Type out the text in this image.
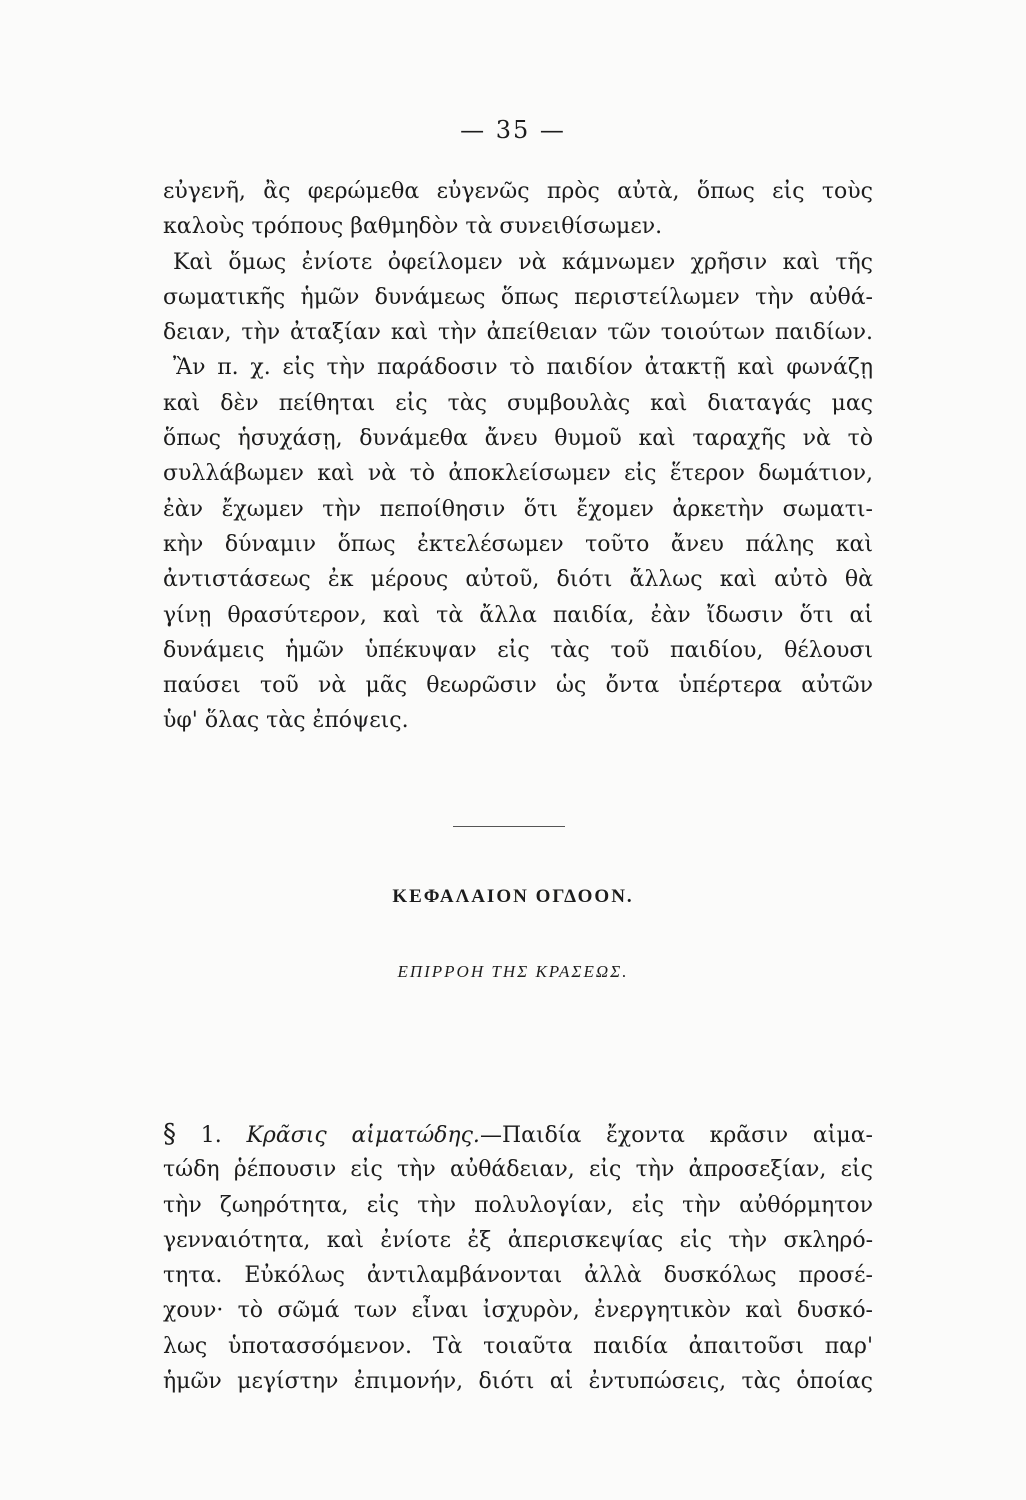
— 35 —
εὐγενῆ, ἂς φερώμεθα εὐγενῶς πρὸς αὐτὰ, ὅπως εἰς τοὺς
καλοὺς τρόπους βαθμηδὸν τὰ συνειθίσωμεν.
Καὶ ὅμως ἐνίοτε ὀφείλομεν νὰ κάμνωμεν χρῆσιν καὶ τῆς
σωματικῆς ἡμῶν δυνάμεως ὅπως περιστείλωμεν τὴν αὐθά-
δειαν, τὴν ἀταξίαν καὶ τὴν ἀπείθειαν τῶν τοιούτων παιδίων.
Ἂν π. χ. εἰς τὴν παράδοσιν τὸ παιδίον ἀτακτῇ καὶ φωνάζῃ
καὶ δὲν πείθηται εἰς τὰς συμβουλὰς καὶ διαταγάς μας
ὅπως ἡσυχάσῃ, δυνάμεθα ἄνευ θυμοῦ καὶ ταραχῆς νὰ τὸ
συλλάβωμεν καὶ νὰ τὸ ἀποκλείσωμεν εἰς ἕτερον δωμάτιον,
ἐὰν ἔχωμεν τὴν πεποίθησιν ὅτι ἔχομεν ἀρκετὴν σωματι-
κὴν δύναμιν ὅπως ἐκτελέσωμεν τοῦτο ἄνευ πάλης καὶ
ἀντιστάσεως ἐκ μέρους αὐτοῦ, διότι ἄλλως καὶ αὐτὸ θὰ
γίνῃ θρασύτερον, καὶ τὰ ἄλλα παιδία, ἐὰν ἴδωσιν ὅτι αἱ
δυνάμεις ἡμῶν ὑπέκυψαν εἰς τὰς τοῦ παιδίου, θέλουσι
παύσει τοῦ νὰ μᾶς θεωρῶσιν ὡς ὄντα ὑπέρτερα αὐτῶν
ὑφ' ὅλας τὰς ἐπόψεις.
ΚΕΦΑΛΑΙΟΝ ΟΓΔΟΟΝ.
ΕΠΙΡΡΟΗ ΤΗΣ ΚΡΑΣΕΩΣ.
§ 1. Κρᾶσις αἱματώδης.—Παιδία ἔχοντα κρᾶσιν αἱμα-
τώδη ῥέπουσιν εἰς τὴν αὐθάδειαν, εἰς τὴν ἀπροσεξίαν, εἰς
τὴν ζωηρότητα, εἰς τὴν πολυλογίαν, εἰς τὴν αὐθόρμητον
γενναιότητα, καὶ ἐνίοτε ἐξ ἀπερισκεψίας εἰς τὴν σκληρό-
τητα. Εὐκόλως ἀντιλαμβάνονται ἀλλὰ δυσκόλως προσέ-
χουν· τὸ σῶμά των εἶναι ἰσχυρὸν, ἐνεργητικὸν καὶ δυσκό-
λως ὑποτασσόμενον. Τὰ τοιαῦτα παιδία ἀπαιτοῦσι παρ'
ἡμῶν μεγίστην ἐπιμονήν, διότι αἱ ἐντυπώσεις, τὰς ὁποίας
